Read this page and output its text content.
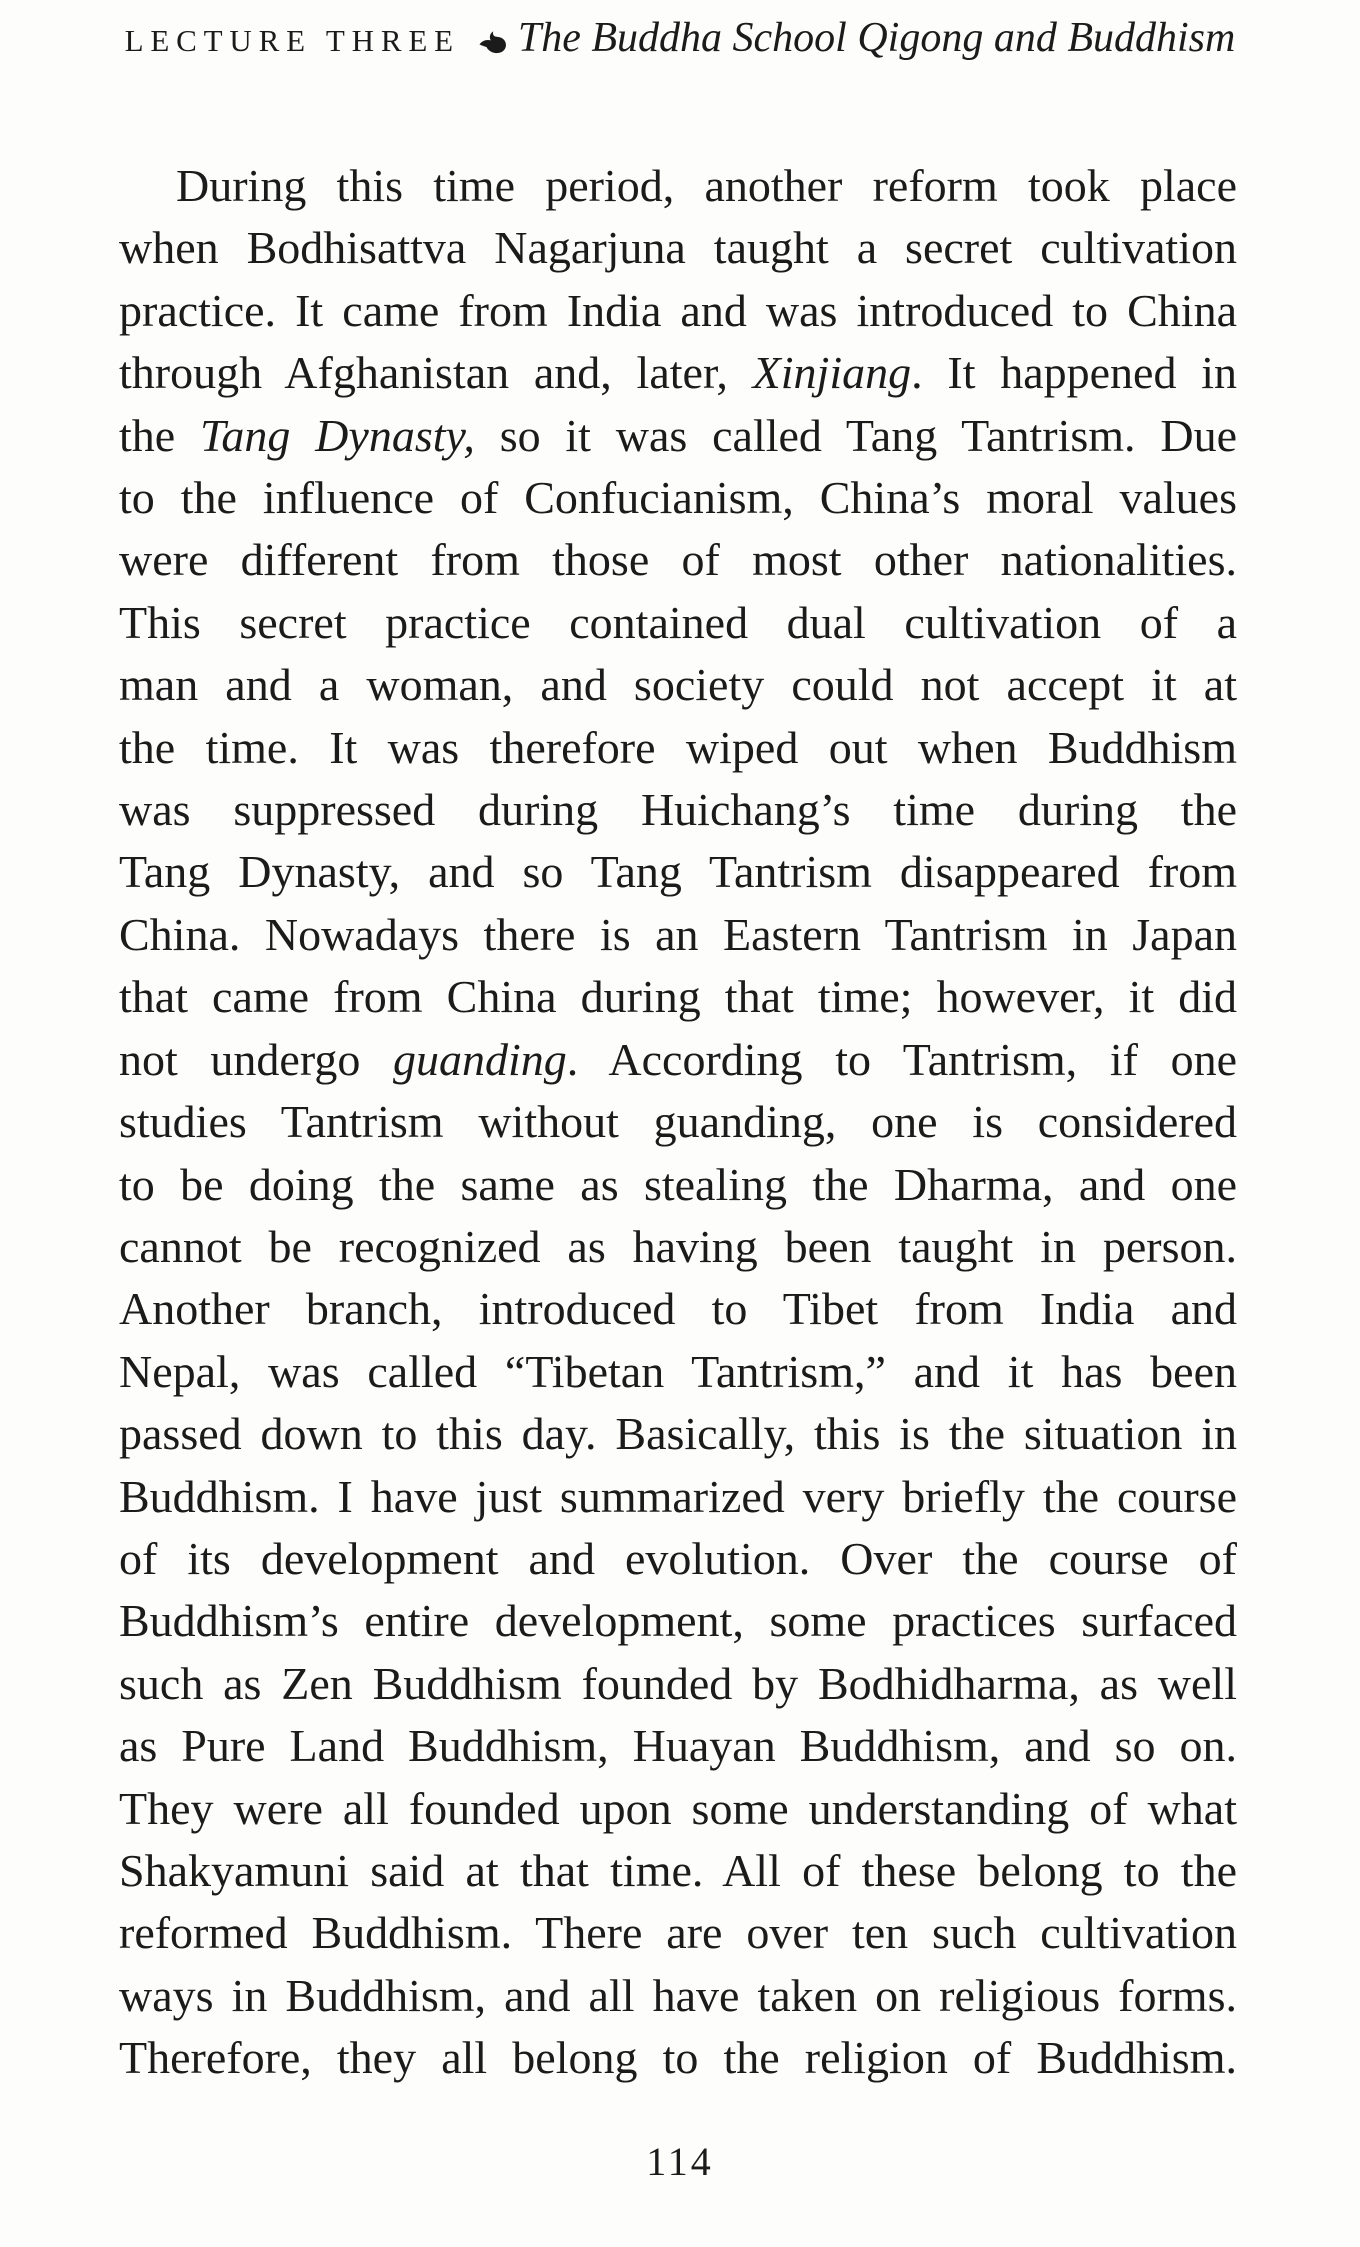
LECTURE THREE The Buddha School Qigong and Buddhism
During this time period, another reform took place
when Bodhisattva Nagarjuna taught a secret cultivation
practice. It came from India and was introduced to China
through Afghanistan and, later, Xinjiang. It happened in
the Tang Dynasty, so it was called Tang Tantrism. Due
to the influence of Confucianism, China’s moral values
were different from those of most other nationalities.
This secret practice contained dual cultivation of a
man and a woman, and society could not accept it at
the time. It was therefore wiped out when Buddhism
was suppressed during Huichang’s time during the
Tang Dynasty, and so Tang Tantrism disappeared from
China. Nowadays there is an Eastern Tantrism in Japan
that came from China during that time; however, it did
not undergo guanding. According to Tantrism, if one
studies Tantrism without guanding, one is considered
to be doing the same as stealing the Dharma, and one
cannot be recognized as having been taught in person.
Another branch, introduced to Tibet from India and
Nepal, was called “Tibetan Tantrism,” and it has been
passed down to this day. Basically, this is the situation in
Buddhism. I have just summarized very briefly the course
of its development and evolution. Over the course of
Buddhism’s entire development, some practices surfaced
such as Zen Buddhism founded by Bodhidharma, as well
as Pure Land Buddhism, Huayan Buddhism, and so on.
They were all founded upon some understanding of what
Shakyamuni said at that time. All of these belong to the
reformed Buddhism. There are over ten such cultivation
ways in Buddhism, and all have taken on religious forms.
Therefore, they all belong to the religion of Buddhism.
114
